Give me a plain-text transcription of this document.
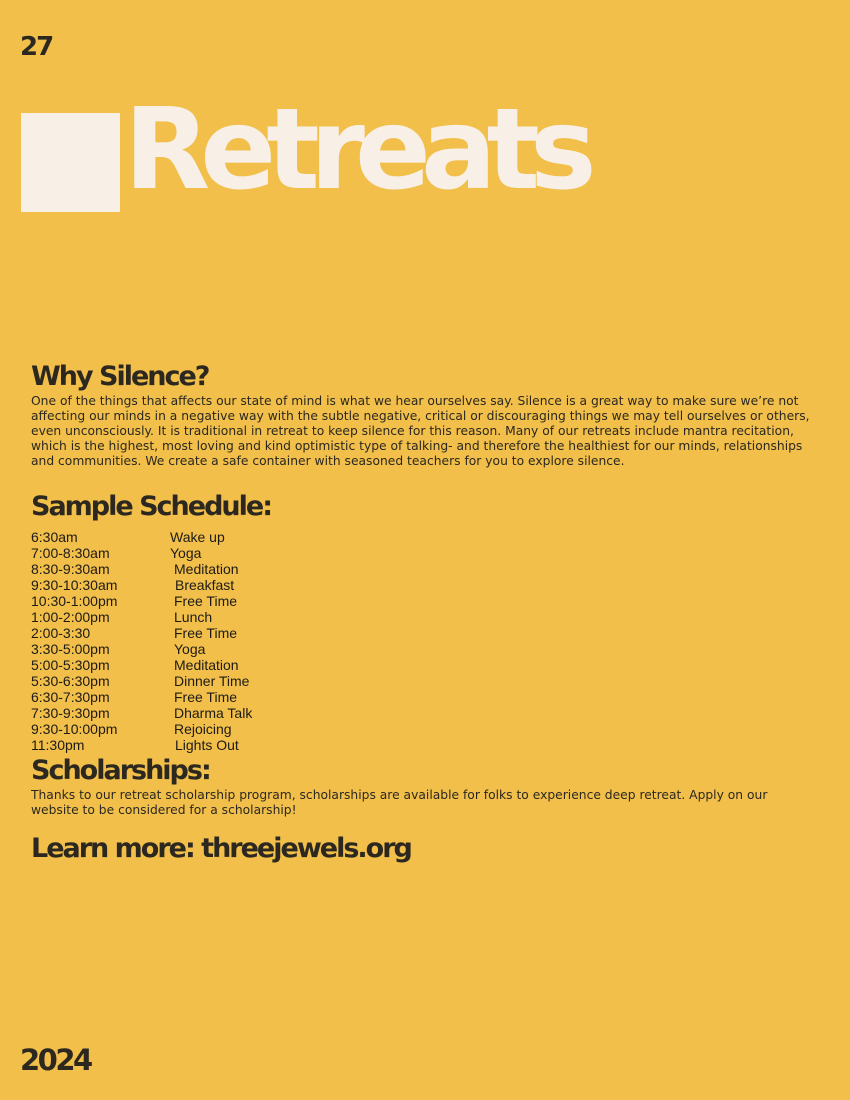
27
Retreats
Why Silence?

One of the things that affects our state of mind is what we hear ourselves say. Silence is a great way to make sure we’re not affecting our minds in a negative way with the subtle negative, critical or discouraging things we may tell ourselves or others, even unconsciously. It is traditional in retreat to keep silence for this reason. Many of our retreats include mantra recitation, which is the highest, most loving and kind optimistic type of talking- and therefore the healthiest for our minds, relationships and communities. We create a safe container with seasoned teachers for you to explore silence.

Sample Schedule:
6:30am	Wake up
7:00-8:30am	Yoga
8:30-9:30am	Meditation
9:30-10:30am	Breakfast
10:30-1:00pm	Free Time
1:00-2:00pm	Lunch
2:00-3:30	Free Time
3:30-5:00pm	Yoga
5:00-5:30pm	Meditation
5:30-6:30pm	Dinner Time
6:30-7:30pm	Free Time
7:30-9:30pm	Dharma Talk
9:30-10:00pm	Rejoicing
11:30pm	Lights Out
Scholarships:

Thanks to our retreat scholarship program, scholarships are available for folks to experience deep retreat. Apply on our website to be considered for a scholarship!

Learn more: threejewels.org
2024
